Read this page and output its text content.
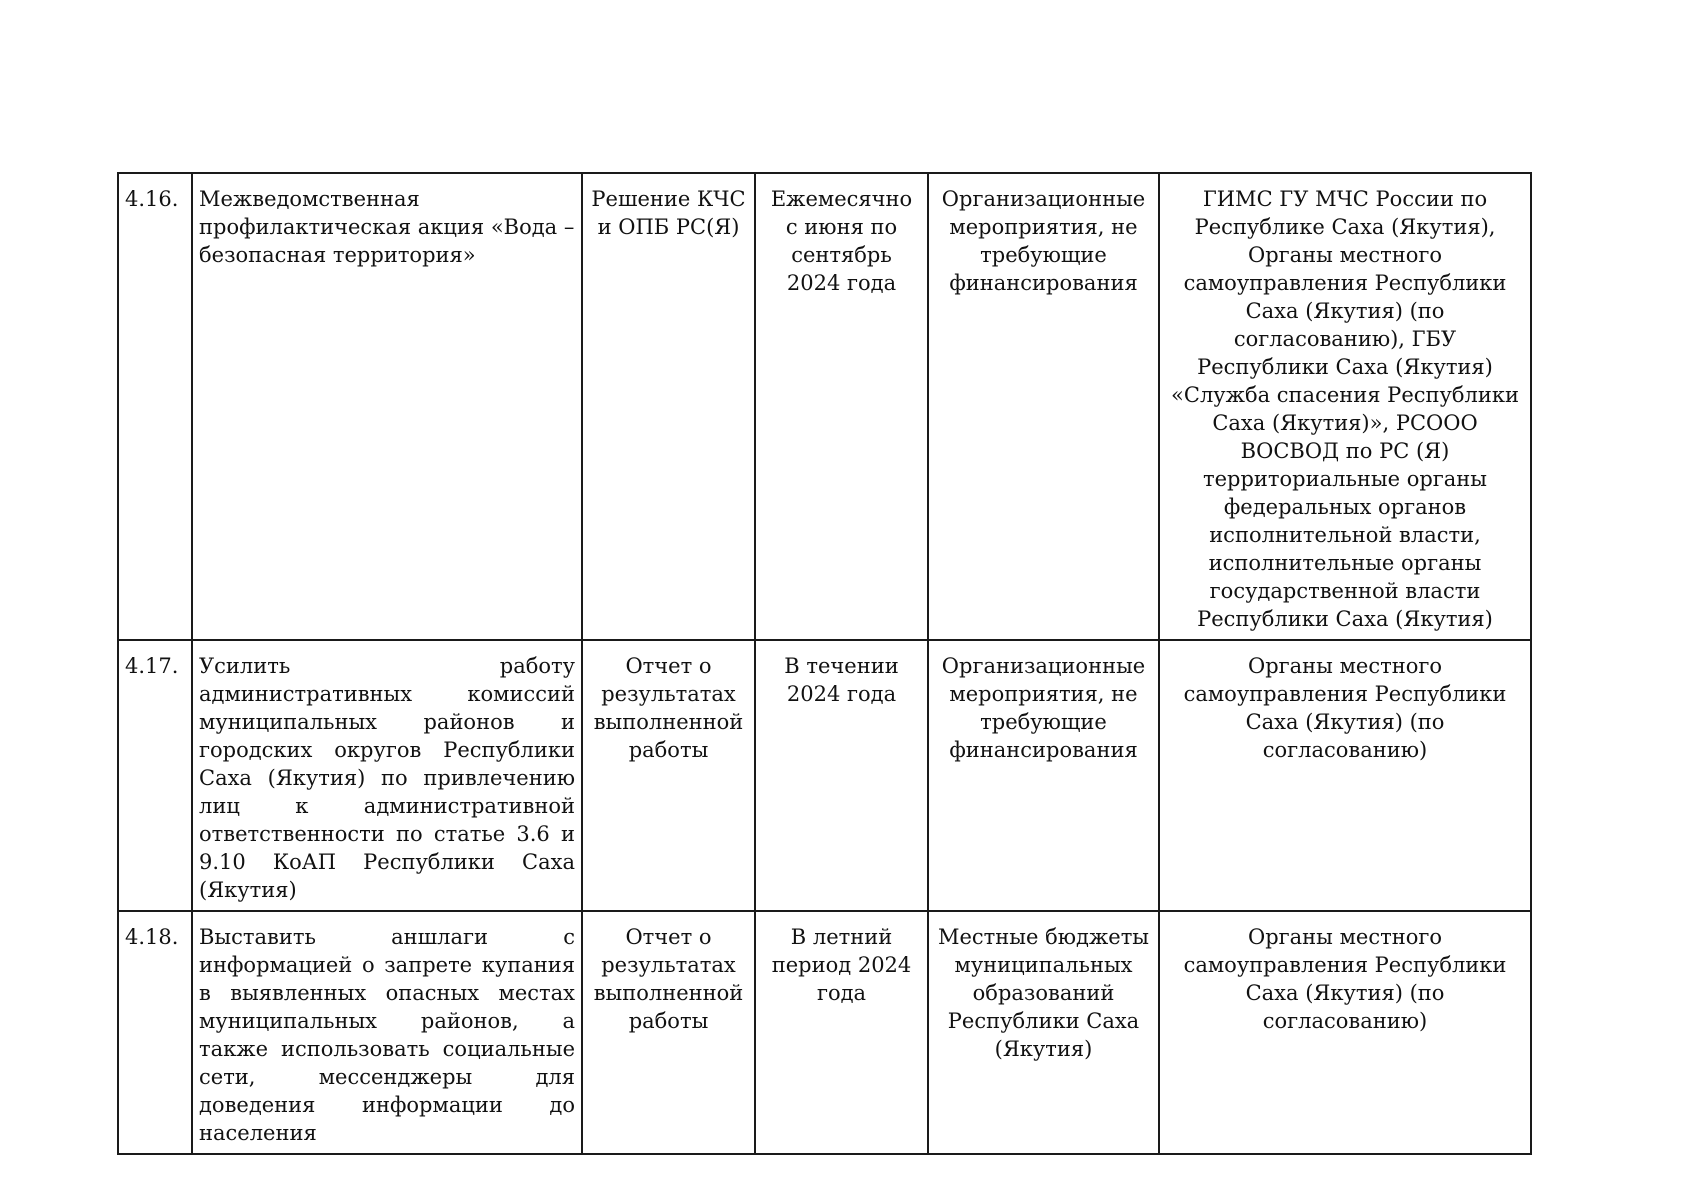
4.16.	Межведомственная профилактическая акция «Вода – безопасная территория»	Решение КЧС и ОПБ РС(Я)	Ежемесячно с июня по сентябрь 2024 года	Организационные мероприятия, не требующие финансирования	ГИМС ГУ МЧС России по Республике Саха (Якутия), Органы местного самоуправления Республики Саха (Якутия) (по согласованию), ГБУ Республики Саха (Якутия) «Служба спасения Республики Саха (Якутия)», РСООО ВОСВОД по РС (Я) территориальные органы федеральных органов исполнительной власти, исполнительные органы государственной власти Республики Саха (Якутия)
4.17.	Усилить работу административных комиссий муниципальных районов и городских округов Республики Саха (Якутия) по привлечению лиц к административной ответственности по статье 3.6 и 9.10 КоАП Республики Саха (Якутия)	Отчет о результатах выполненной работы	В течении 2024 года	Организационные мероприятия, не требующие финансирования	Органы местного самоуправления Республики Саха (Якутия) (по согласованию)
4.18.	Выставить аншлаги с информацией о запрете купания в выявленных опасных местах муниципальных районов, а также использовать социальные сети, мессенджеры для доведения информации до населения	Отчет о результатах выполненной работы	В летний период 2024 года	Местные бюджеты муниципальных образований Республики Саха (Якутия)	Органы местного самоуправления Республики Саха (Якутия) (по согласованию)
